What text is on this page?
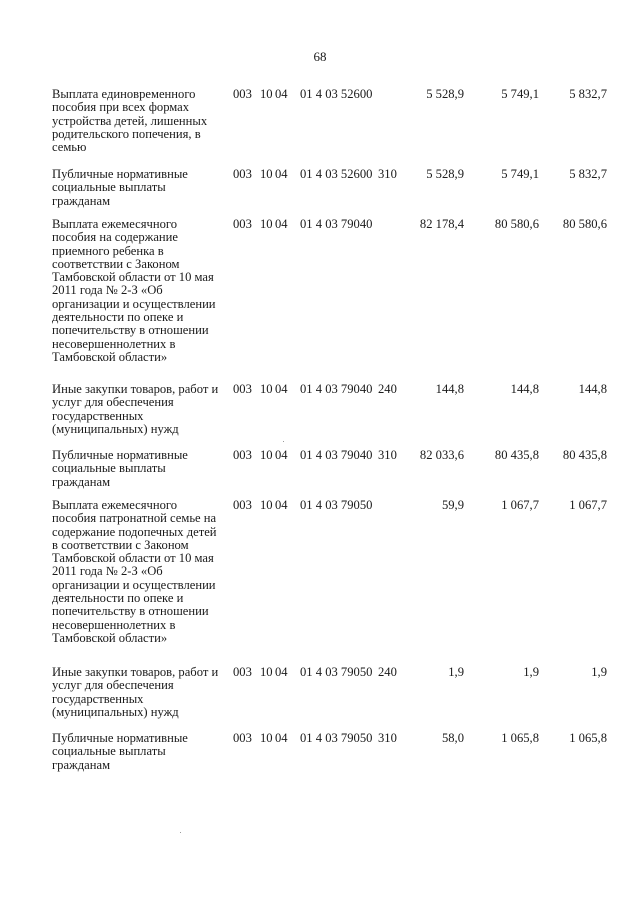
68
Выплата единовременного
пособия при всех формах
устройства детей, лишенных
родительского попечения, в
семью
003 10 04 01 4 03 52600	5 528,9	5 749,1	5 832,7
Публичные нормативные
социальные выплаты
гражданам
003 10 04 01 4 03 52600 310	5 528,9	5 749,1	5 832,7
Выплата ежемесячного
пособия на содержание
приемного ребенка в
соответствии с Законом
Тамбовской области от 10 мая
2011 года № 2-З «Об
организации и осуществлении
деятельности по опеке и
попечительству в отношении
несовершеннолетних в
Тамбовской области»
003 10 04 01 4 03 79040	82 178,4	80 580,6	80 580,6
Иные закупки товаров, работ и
услуг для обеспечения
государственных
(муниципальных) нужд
003 10 04 01 4 03 79040 240	144,8	144,8	144,8
Публичные нормативные
социальные выплаты
гражданам
003 10 04 01 4 03 79040 310	82 033,6	80 435,8	80 435,8
Выплата ежемесячного
пособия патронатной семье на
содержание подопечных детей
в соответствии с Законом
Тамбовской области от 10 мая
2011 года № 2-З «Об
организации и осуществлении
деятельности по опеке и
попечительству в отношении
несовершеннолетних в
Тамбовской области»
003 10 04 01 4 03 79050	59,9	1 067,7	1 067,7
Иные закупки товаров, работ и
услуг для обеспечения
государственных
(муниципальных) нужд
003 10 04 01 4 03 79050 240	1,9	1,9	1,9
Публичные нормативные
социальные выплаты
гражданам
003 10 04 01 4 03 79050 310	58,0	1 065,8	1 065,8
